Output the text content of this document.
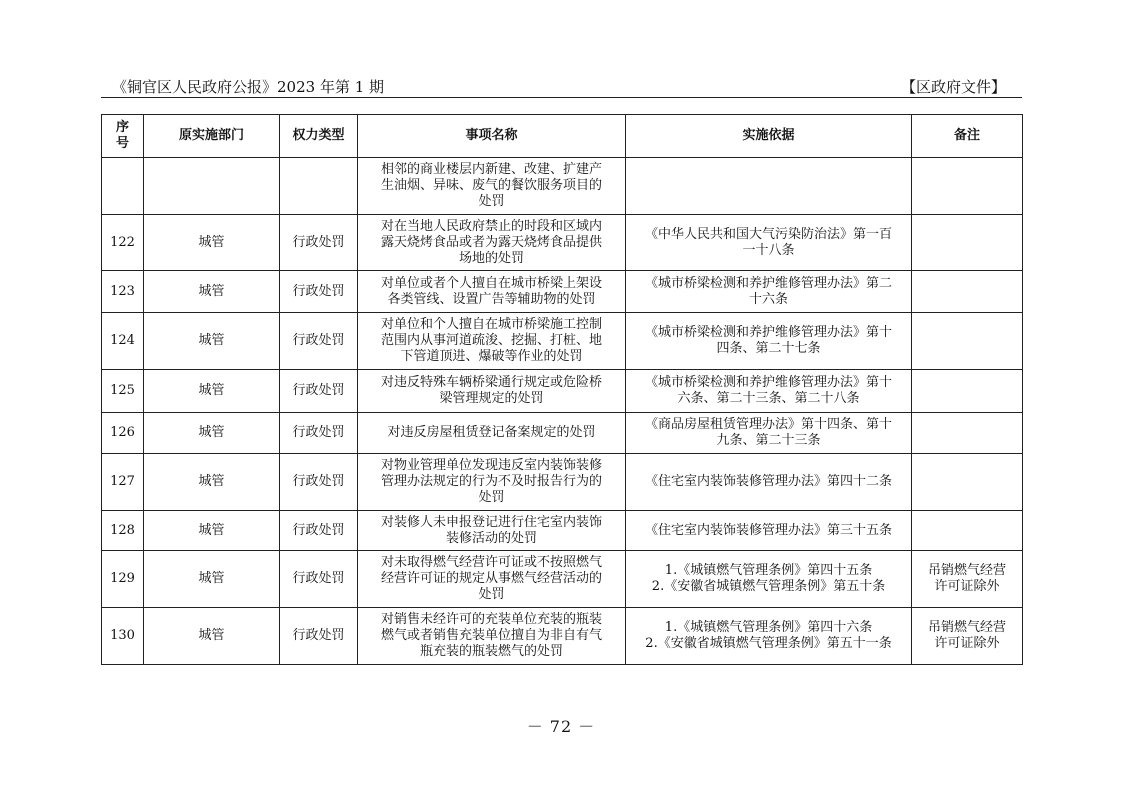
《铜官区人民政府公报》2023 年第 1 期	【区政府文件】
序
号	原实施部门	权力类型	事项名称	实施依据	备注

			相邻的商业楼层内新建、改建、扩建产
生油烟、异味、废气的餐饮服务项目的
处罚		

122	城管	行政处罚	对在当地人民政府禁止的时段和区域内
露天烧烤食品或者为露天烧烤食品提供
场地的处罚	《中华人民共和国大气污染防治法》第一百
一十八条	

123	城管	行政处罚	对单位或者个人擅自在城市桥梁上架设
各类管线、设置广告等辅助物的处罚	《城市桥梁检测和养护维修管理办法》第二
十六条	

124	城管	行政处罚	对单位和个人擅自在城市桥梁施工控制
范围内从事河道疏浚、挖掘、打桩、地
下管道顶进、爆破等作业的处罚	《城市桥梁检测和养护维修管理办法》第十
四条、第二十七条	

125	城管	行政处罚	对违反特殊车辆桥梁通行规定或危险桥
梁管理规定的处罚	《城市桥梁检测和养护维修管理办法》第十
六条、第二十三条、第二十八条	

126	城管	行政处罚	对违反房屋租赁登记备案规定的处罚	《商品房屋租赁管理办法》第十四条、第十
九条、第二十三条	

127	城管	行政处罚	对物业管理单位发现违反室内装饰装修
管理办法规定的行为不及时报告行为的
处罚	《住宅室内装饰装修管理办法》第四十二条	

128	城管	行政处罚	对装修人未申报登记进行住宅室内装饰
装修活动的处罚	《住宅室内装饰装修管理办法》第三十五条	

129	城管	行政处罚	对未取得燃气经营许可证或不按照燃气
经营许可证的规定从事燃气经营活动的
处罚	1.《城镇燃气管理条例》第四十五条
2.《安徽省城镇燃气管理条例》第五十条	吊销燃气经营
许可证除外

130	城管	行政处罚	对销售未经许可的充装单位充装的瓶装
燃气或者销售充装单位擅自为非自有气
瓶充装的瓶装燃气的处罚	1.《城镇燃气管理条例》第四十六条
2.《安徽省城镇燃气管理条例》第五十一条	吊销燃气经营
许可证除外
－ 72 －
